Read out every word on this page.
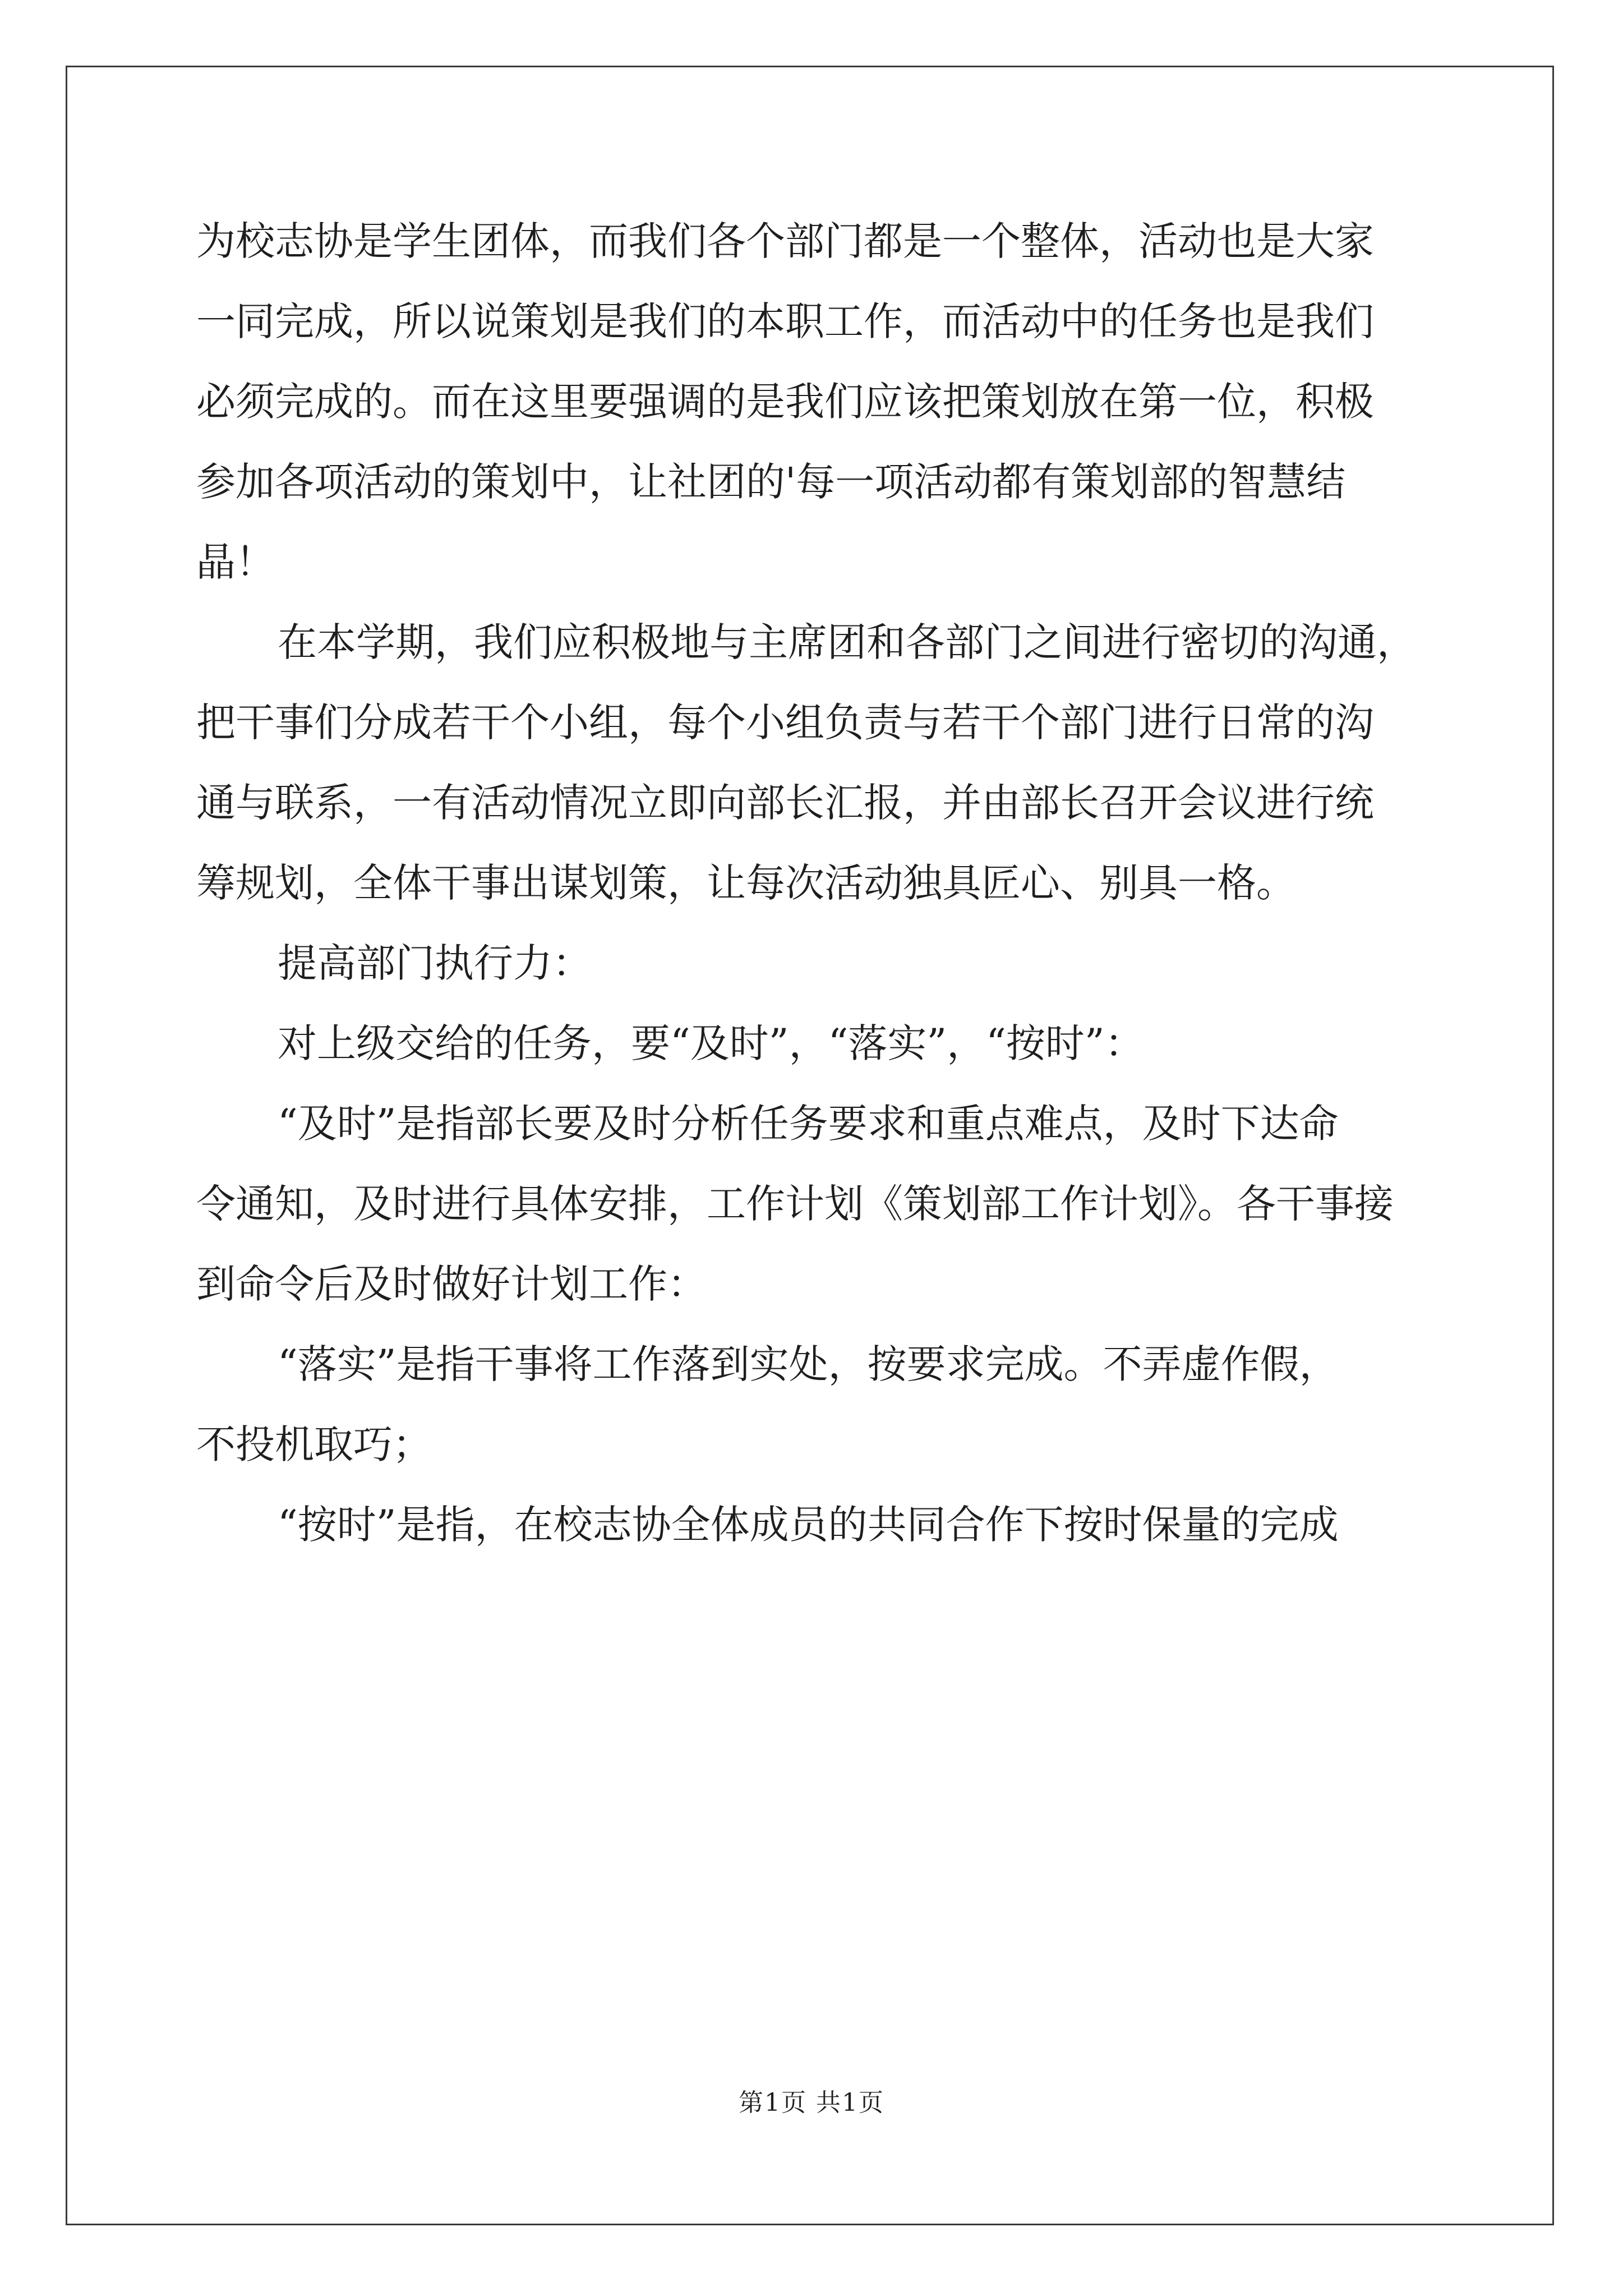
为校志协是学生团体，而我们各个部门都是一个整体，活动也是大家
一同完成，所以说策划是我们的本职工作，而活动中的任务也是我们
必须完成的。而在这里要强调的是我们应该把策划放在第一位，积极
参加各项活动的策划中，让社团的'每一项活动都有策划部的智慧结
晶！
在本学期，我们应积极地与主席团和各部门之间进行密切的沟通，
把干事们分成若干个小组，每个小组负责与若干个部门进行日常的沟
通与联系，一有活动情况立即向部长汇报，并由部长召开会议进行统
筹规划，全体干事出谋划策，让每次活动独具匠心、别具一格。
提高部门执行力：
对上级交给的任务，要“及时”，“落实”，“按时”：
“及时”是指部长要及时分析任务要求和重点难点，及时下达命
令通知，及时进行具体安排，工作计划《策划部工作计划》。各干事接
到命令后及时做好计划工作：
“落实”是指干事将工作落到实处，按要求完成。不弄虚作假，
不投机取巧；
“按时”是指，在校志协全体成员的共同合作下按时保量的完成
第1页 共1页
